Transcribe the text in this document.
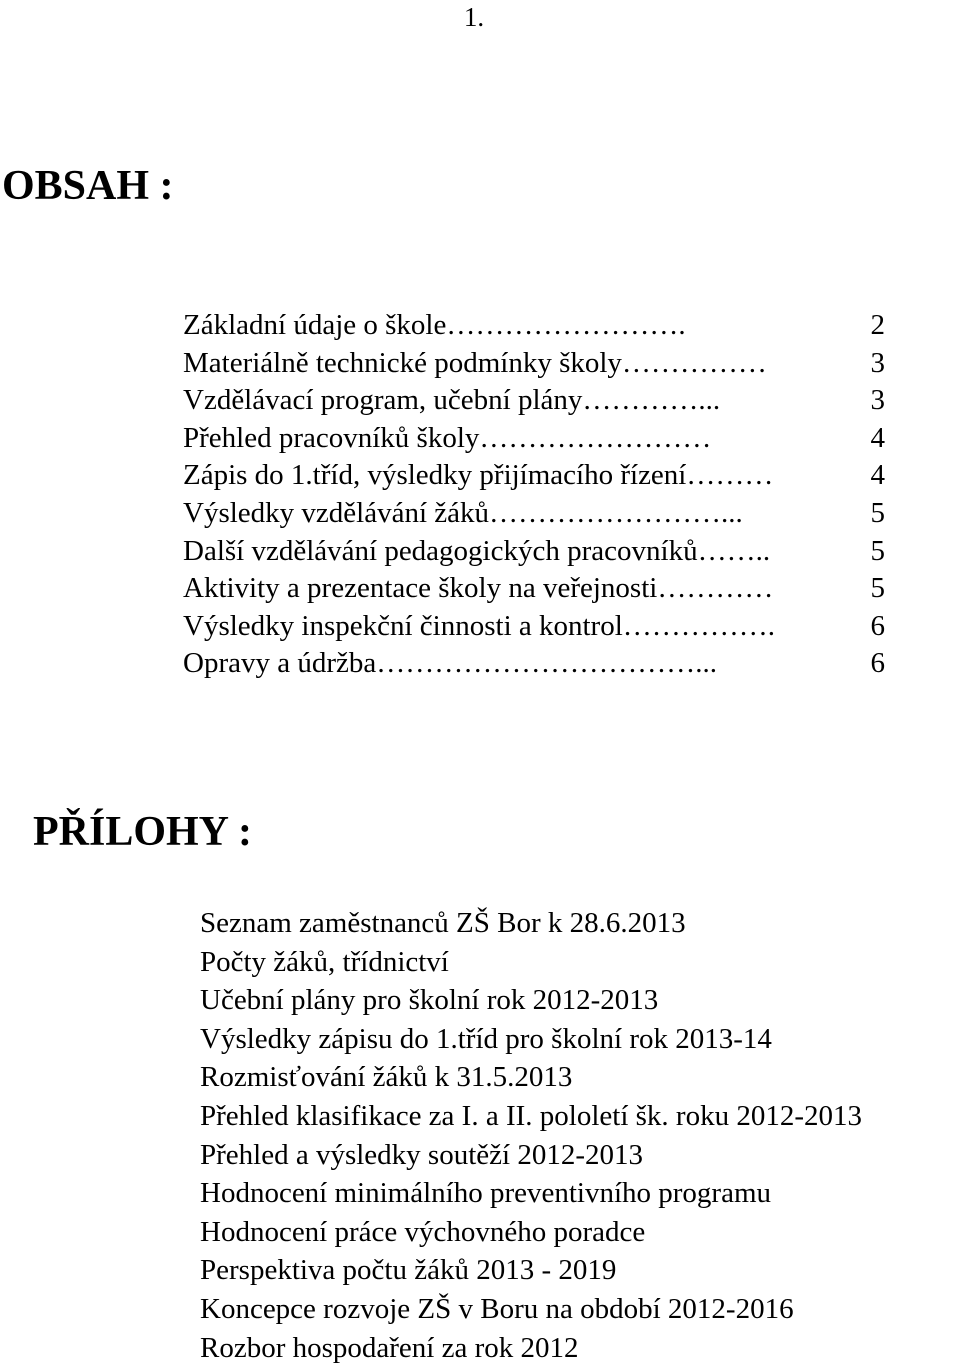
1.
OBSAH :
Základní údaje o škole …………………….	2
Materiálně technické podmínky školy ……………	3
Vzdělávací program, učební plány …………...	3
Přehled pracovníků školy ……………………	4
Zápis do 1.tříd, výsledky přijímacího řízení ………	4
Výsledky vzdělávání žáků ……………………...	5
Další vzdělávání pedagogických pracovníků ……..	5
Aktivity a prezentace školy na veřejnosti …………	5
Výsledky inspekční činnosti a kontrol …………….	6
Opravy a údržba ……………………………...	6
PŘÍLOHY :
Seznam zaměstnanců ZŠ Bor k 28.6.2013
Počty žáků, třídnictví
Učební plány pro školní rok 2012-2013
Výsledky zápisu do 1.tříd pro školní rok 2013-14
Rozmisťování žáků k 31.5.2013
Přehled klasifikace za I. a II. pololetí šk. roku 2012-2013
Přehled a výsledky soutěží 2012-2013
Hodnocení minimálního preventivního programu
Hodnocení práce výchovného poradce
Perspektiva počtu žáků 2013 - 2019
Koncepce rozvoje ZŠ v Boru na období 2012-2016
Rozbor hospodaření za rok 2012
